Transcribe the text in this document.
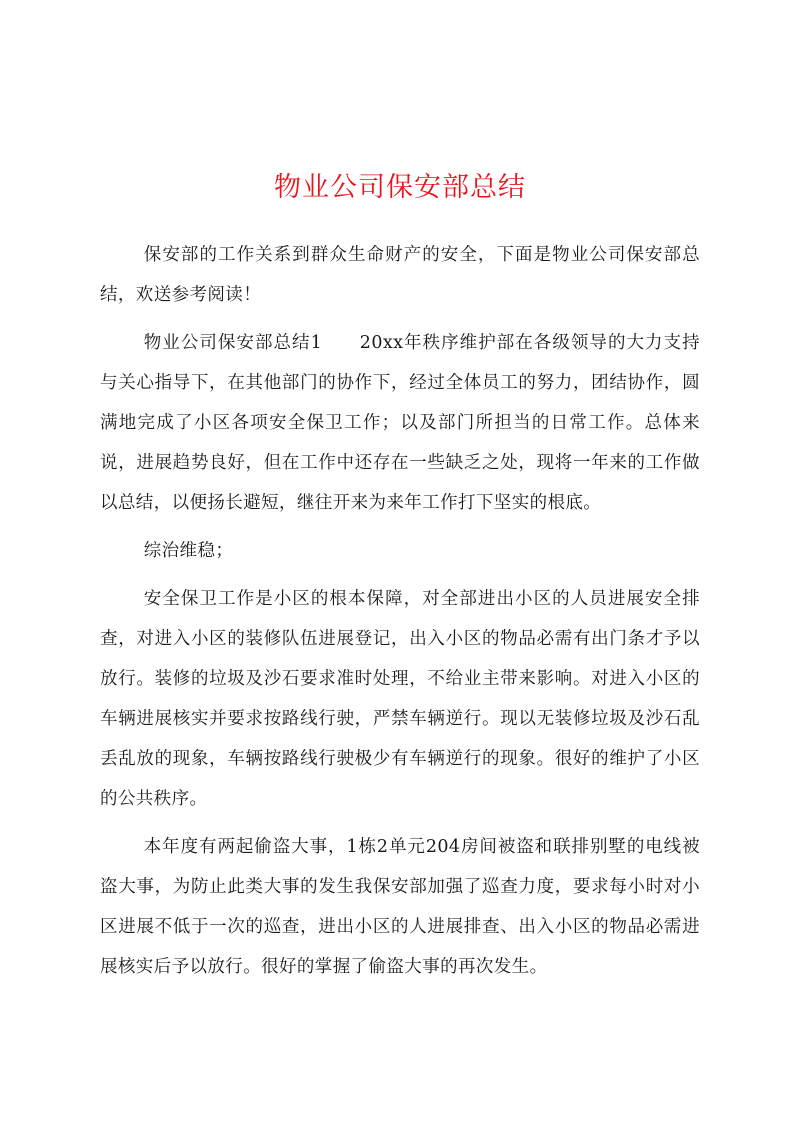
物业公司保安部总结

保安部的工作关系到群众生命财产的安全，下面是物业公司保安部总结，欢送参考阅读！

物业公司保安部总结1　　20xx年秩序维护部在各级领导的大力支持与关心指导下，在其他部门的协作下，经过全体员工的努力，团结协作，圆满地完成了小区各项安全保卫工作；以及部门所担当的日常工作。总体来说，进展趋势良好，但在工作中还存在一些缺乏之处，现将一年来的工作做以总结，以便扬长避短，继往开来为来年工作打下坚实的根底。

综治维稳；

安全保卫工作是小区的根本保障，对全部进出小区的人员进展安全排查，对进入小区的装修队伍进展登记，出入小区的物品必需有出门条才予以放行。装修的垃圾及沙石要求准时处理，不给业主带来影响。对进入小区的车辆进展核实并要求按路线行驶，严禁车辆逆行。现以无装修垃圾及沙石乱丢乱放的现象，车辆按路线行驶极少有车辆逆行的现象。很好的维护了小区的公共秩序。

本年度有两起偷盗大事，1栋2单元204房间被盗和联排别墅的电线被盗大事，为防止此类大事的发生我保安部加强了巡查力度，要求每小时对小区进展不低于一次的巡查，进出小区的人进展排查、出入小区的物品必需进展核实后予以放行。很好的掌握了偷盗大事的再次发生。
